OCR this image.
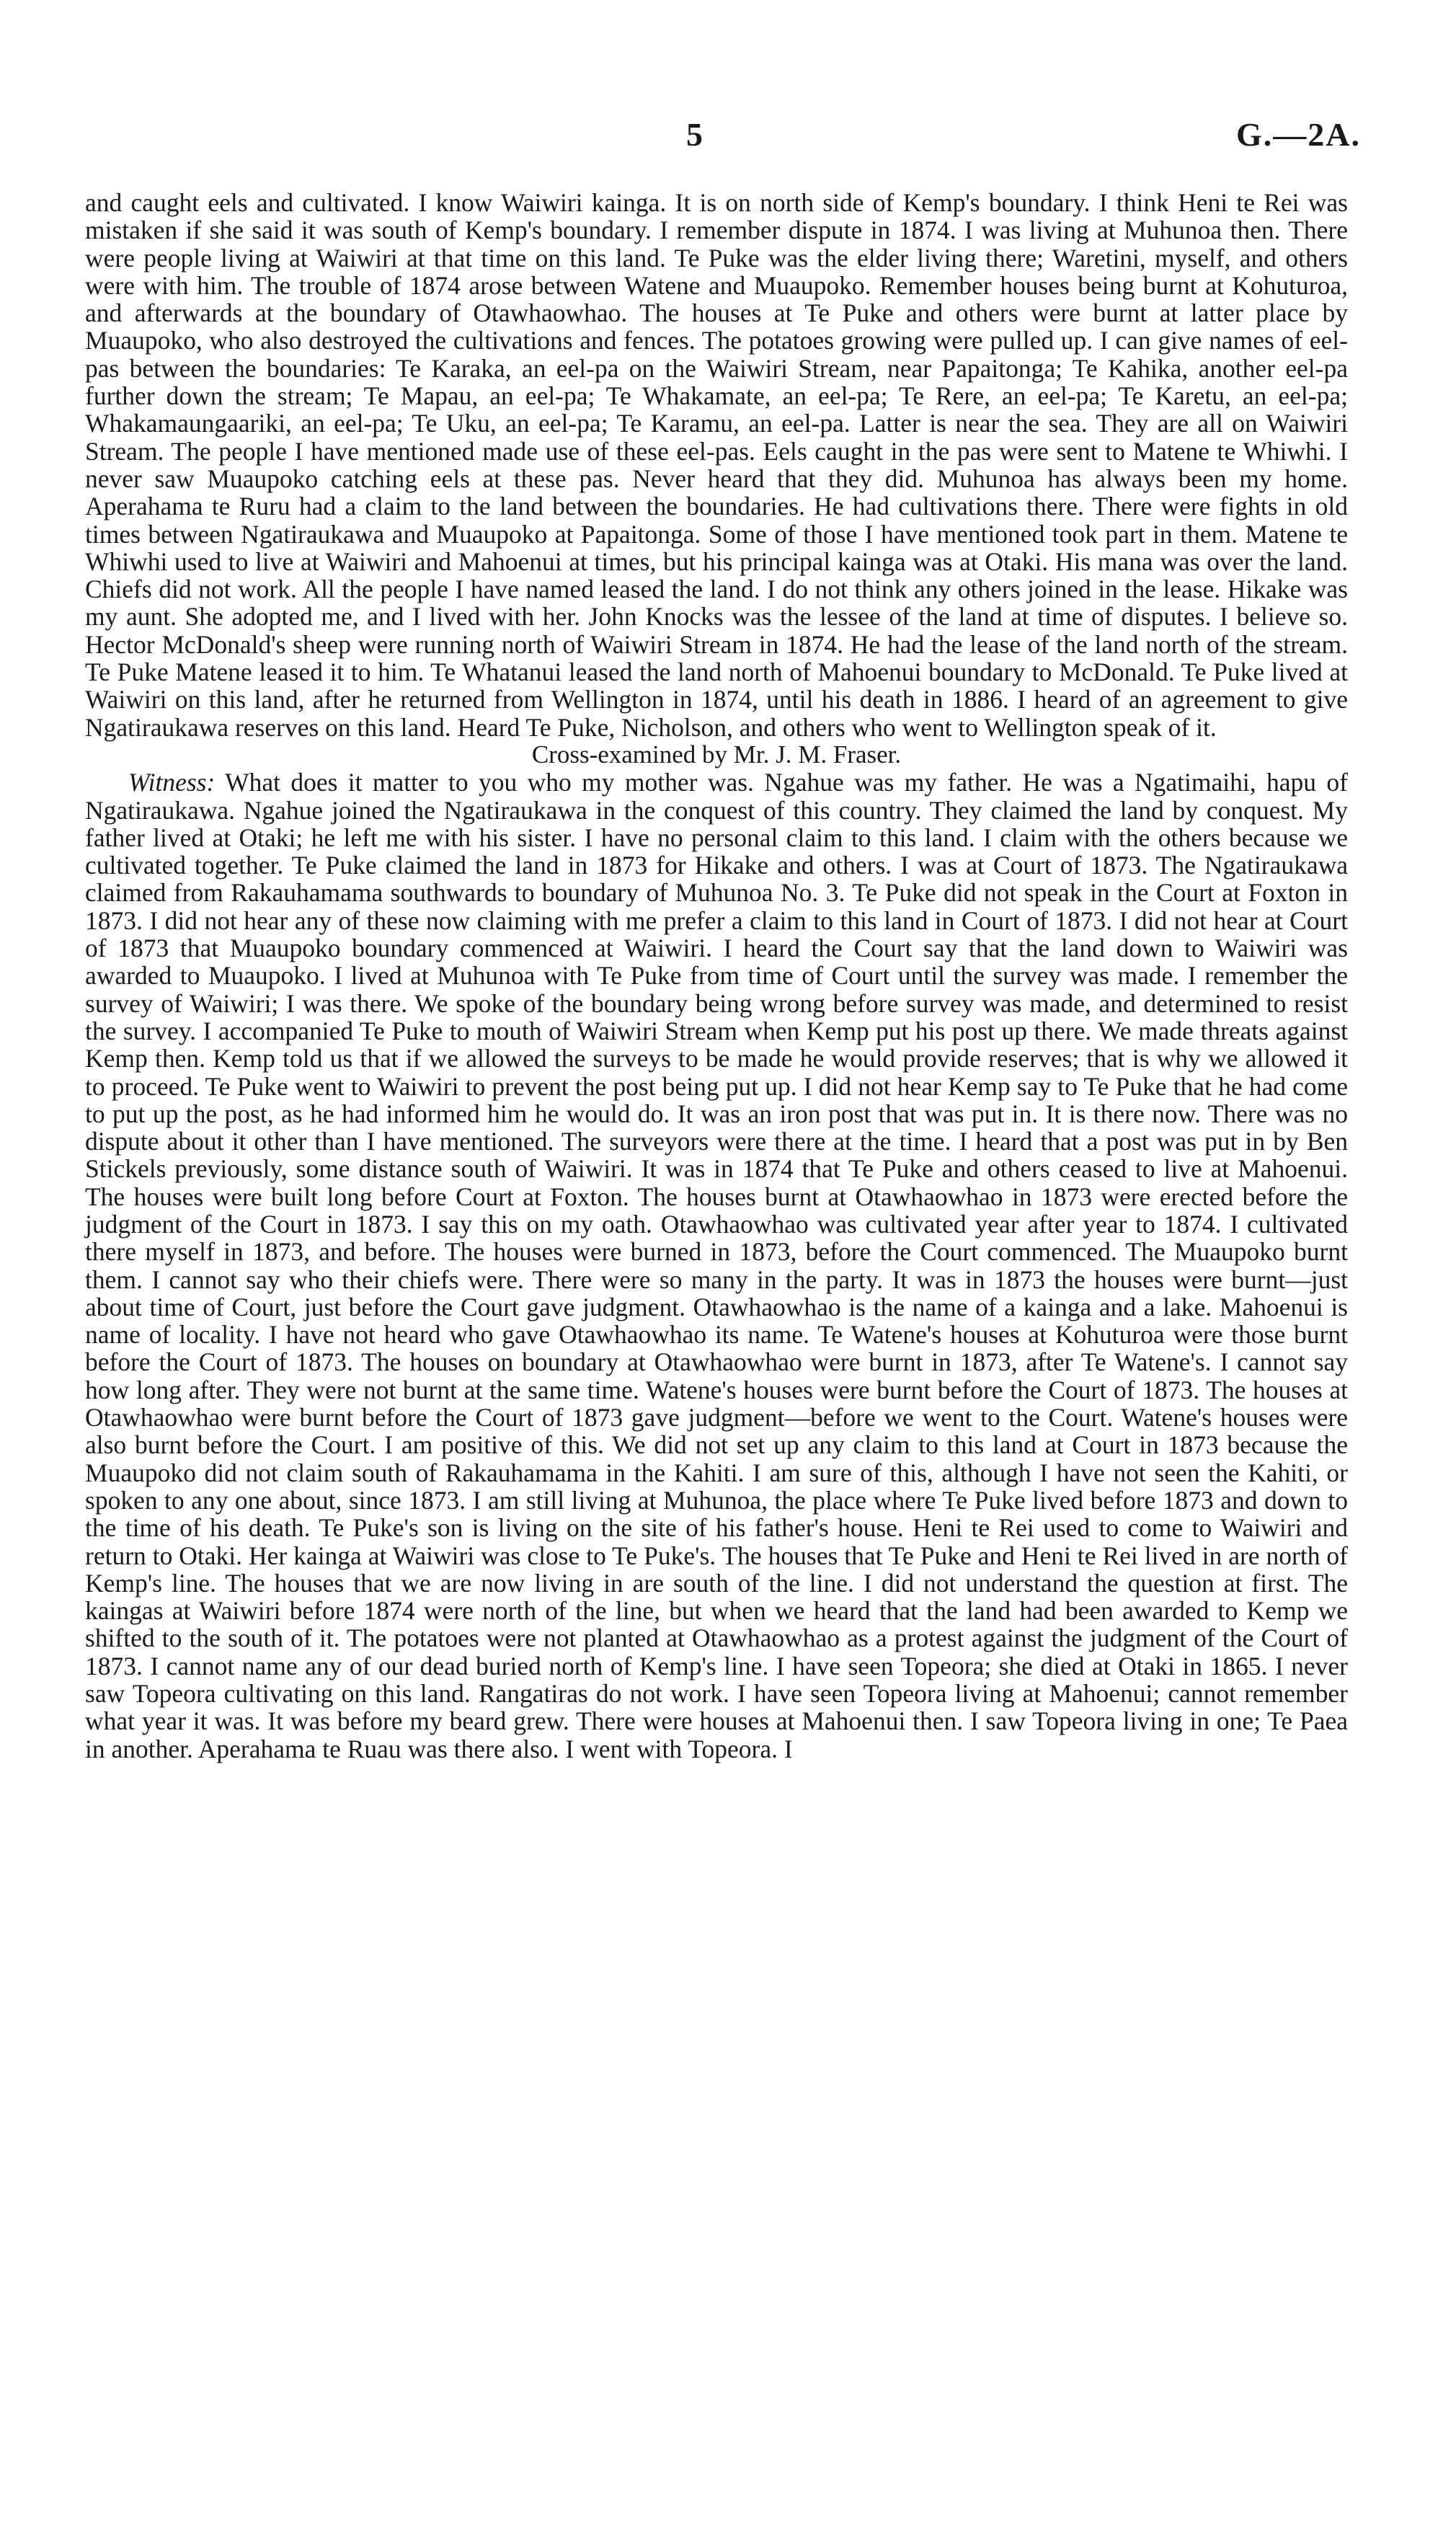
5	G.—2A.

and caught eels and cultivated. I know Waiwiri kainga. It is on north side of Kemp's boundary. I think Heni te Rei was mistaken if she said it was south of Kemp's boundary. I remember dispute in 1874. I was living at Muhunoa then. There were people living at Waiwiri at that time on this land. Te Puke was the elder living there; Waretini, myself, and others were with him. The trouble of 1874 arose between Watene and Muaupoko. Remember houses being burnt at Kohuturoa, and afterwards at the boundary of Otawhaowhao. The houses at Te Puke and others were burnt at latter place by Muaupoko, who also destroyed the cultivations and fences. The potatoes growing were pulled up. I can give names of eel-pas between the boundaries: Te Karaka, an eel-pa on the Waiwiri Stream, near Papaitonga; Te Kahika, another eel-pa further down the stream; Te Mapau, an eel-pa; Te Whakamate, an eel-pa; Te Rere, an eel-pa; Te Karetu, an eel-pa; Whakamaungaariki, an eel-pa; Te Uku, an eel-pa; Te Karamu, an eel-pa. Latter is near the sea. They are all on Waiwiri Stream. The people I have mentioned made use of these eel-pas. Eels caught in the pas were sent to Matene te Whiwhi. I never saw Muaupoko catching eels at these pas. Never heard that they did. Muhunoa has always been my home. Aperahama te Ruru had a claim to the land between the boundaries. He had cultivations there. There were fights in old times between Ngatiraukawa and Muaupoko at Papaitonga. Some of those I have mentioned took part in them. Matene te Whiwhi used to live at Waiwiri and Mahoenui at times, but his principal kainga was at Otaki. His mana was over the land. Chiefs did not work. All the people I have named leased the land. I do not think any others joined in the lease. Hikake was my aunt. She adopted me, and I lived with her. John Knocks was the lessee of the land at time of disputes. I believe so. Hector McDonald's sheep were running north of Waiwiri Stream in 1874. He had the lease of the land north of the stream. Te Puke Matene leased it to him. Te Whatanui leased the land north of Mahoenui boundary to McDonald. Te Puke lived at Waiwiri on this land, after he returned from Wellington in 1874, until his death in 1886. I heard of an agreement to give Ngatiraukawa reserves on this land. Heard Te Puke, Nicholson, and others who went to Wellington speak of it.

Cross-examined by Mr. J. M. Fraser.

Witness: What does it matter to you who my mother was. Ngahue was my father. He was a Ngatimaihi, hapu of Ngatiraukawa. Ngahue joined the Ngatiraukawa in the conquest of this country. They claimed the land by conquest. My father lived at Otaki; he left me with his sister. I have no personal claim to this land. I claim with the others because we cultivated together. Te Puke claimed the land in 1873 for Hikake and others. I was at Court of 1873. The Ngatiraukawa claimed from Rakauhamama southwards to boundary of Muhunoa No. 3. Te Puke did not speak in the Court at Foxton in 1873. I did not hear any of these now claiming with me prefer a claim to this land in Court of 1873. I did not hear at Court of 1873 that Muaupoko boundary commenced at Waiwiri. I heard the Court say that the land down to Waiwiri was awarded to Muaupoko. I lived at Muhunoa with Te Puke from time of Court until the survey was made. I remember the survey of Waiwiri; I was there. We spoke of the boundary being wrong before survey was made, and determined to resist the survey. I accompanied Te Puke to mouth of Waiwiri Stream when Kemp put his post up there. We made threats against Kemp then. Kemp told us that if we allowed the surveys to be made he would provide reserves; that is why we allowed it to proceed. Te Puke went to Waiwiri to prevent the post being put up. I did not hear Kemp say to Te Puke that he had come to put up the post, as he had informed him he would do. It was an iron post that was put in. It is there now. There was no dispute about it other than I have mentioned. The surveyors were there at the time. I heard that a post was put in by Ben Stickels previously, some distance south of Waiwiri. It was in 1874 that Te Puke and others ceased to live at Mahoenui. The houses were built long before Court at Foxton. The houses burnt at Otawhaowhao in 1873 were erected before the judgment of the Court in 1873. I say this on my oath. Otawhaowhao was cultivated year after year to 1874. I cultivated there myself in 1873, and before. The houses were burned in 1873, before the Court commenced. The Muaupoko burnt them. I cannot say who their chiefs were. There were so many in the party. It was in 1873 the houses were burnt—just about time of Court, just before the Court gave judgment. Otawhaowhao is the name of a kainga and a lake. Mahoenui is name of locality. I have not heard who gave Otawhaowhao its name. Te Watene's houses at Kohuturoa were those burnt before the Court of 1873. The houses on boundary at Otawhaowhao were burnt in 1873, after Te Watene's. I cannot say how long after. They were not burnt at the same time. Watene's houses were burnt before the Court of 1873. The houses at Otawhaowhao were burnt before the Court of 1873 gave judgment—before we went to the Court. Watene's houses were also burnt before the Court. I am positive of this. We did not set up any claim to this land at Court in 1873 because the Muaupoko did not claim south of Rakauhamama in the Kahiti. I am sure of this, although I have not seen the Kahiti, or spoken to any one about, since 1873. I am still living at Muhunoa, the place where Te Puke lived before 1873 and down to the time of his death. Te Puke's son is living on the site of his father's house. Heni te Rei used to come to Waiwiri and return to Otaki. Her kainga at Waiwiri was close to Te Puke's. The houses that Te Puke and Heni te Rei lived in are north of Kemp's line. The houses that we are now living in are south of the line. I did not understand the question at first. The kaingas at Waiwiri before 1874 were north of the line, but when we heard that the land had been awarded to Kemp we shifted to the south of it. The potatoes were not planted at Otawhaowhao as a protest against the judgment of the Court of 1873. I cannot name any of our dead buried north of Kemp's line. I have seen Topeora; she died at Otaki in 1865. I never saw Topeora cultivating on this land. Rangatiras do not work. I have seen Topeora living at Mahoenui; cannot remember what year it was. It was before my beard grew. There were houses at Mahoenui then. I saw Topeora living in one; Te Paea in another. Aperahama te Ruau was there also. I went with Topeora. I
